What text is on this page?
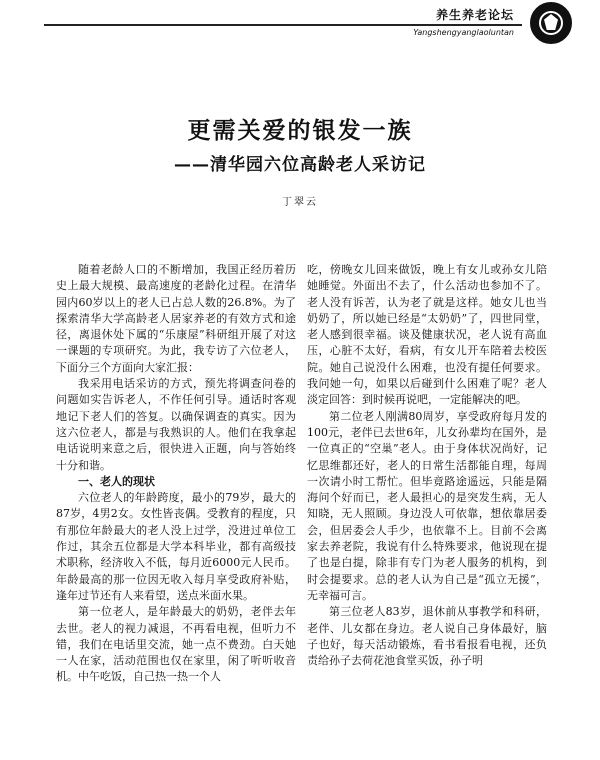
养生养老论坛
Yangshengyanglaoluntan
更需关爱的银发一族
——清华园六位高龄老人采访记
丁翠云

随着老龄人口的不断增加，我国正经历着历史上最大规模、最高速度的老龄化过程。在清华园内60岁以上的老人已占总人数的26.8%。为了探索清华大学高龄老人居家养老的有效方式和途径，离退休处下属的“乐康屋”科研组开展了对这一课题的专项研究。为此，我专访了六位老人，下面分三个方面向大家汇报：

我采用电话采访的方式，预先将调查问卷的问题如实告诉老人，不作任何引导。通话时客观地记下老人们的答复。以确保调查的真实。因为这六位老人，都是与我熟识的人。他们在我拿起电话说明来意之后，很快进入正题，向与答始终十分和谐。

一、老人的现状

六位老人的年龄跨度，最小的79岁，最大的87岁，4男2女。女性皆丧偶。受教育的程度，只有那位年龄最大的老人没上过学，没进过单位工作过，其余五位都是大学本科毕业，都有高级技术职称，经济收入不低，每月近6000元人民币。年龄最高的那一位因无收入每月享受政府补贴，逢年过节还有人来看望，送点米面水果。

第一位老人，是年龄最大的奶奶，老伴去年去世。老人的视力减退，不再看电视，但听力不错，我们在电话里交流，她一点不费劲。白天她一人在家，活动范围也仅在家里，闲了听听收音机。中午吃饭，自己热一热一个人

吃，傍晚女儿回来做饭，晚上有女儿或孙女儿陪她睡觉。外面出不去了，什么活动也参加不了。老人没有诉苦，认为老了就是这样。她女儿也当奶奶了，所以她已经是“太奶奶”了，四世同堂，老人感到很幸福。谈及健康状况，老人说有高血压，心脏不太好，看病，有女儿开车陪着去校医院。她自己说没什么困难，也没有提任何要求。我问她一句，如果以后碰到什么困难了呢？老人淡定回答：到时候再说吧，一定能解决的吧。

第二位老人刚满80周岁，享受政府每月发的100元，老伴已去世6年，儿女孙辈均在国外，是一位真正的“空巢”老人。由于身体状况尚好，记忆思维都还好，老人的日常生活都能自理，每周一次请小时工帮忙。但毕竟路途遥远，只能是隔海问个好而已，老人最担心的是突发生病，无人知晓，无人照顾。身边没人可依靠，想依靠居委会，但居委会人手少，也依靠不上。目前不会离家去养老院，我说有什么特殊要求，他说现在提了也是白提，除非有专门为老人服务的机构，到时会提要求。总的老人认为自己是“孤立无援”，无幸福可言。

第三位老人83岁，退休前从事教学和科研，老伴、儿女都在身边。老人说自己身体最好，脑子也好，每天活动锻炼，看书看报看电视，还负责给孙子去荷花池食堂买饭，孙子明
